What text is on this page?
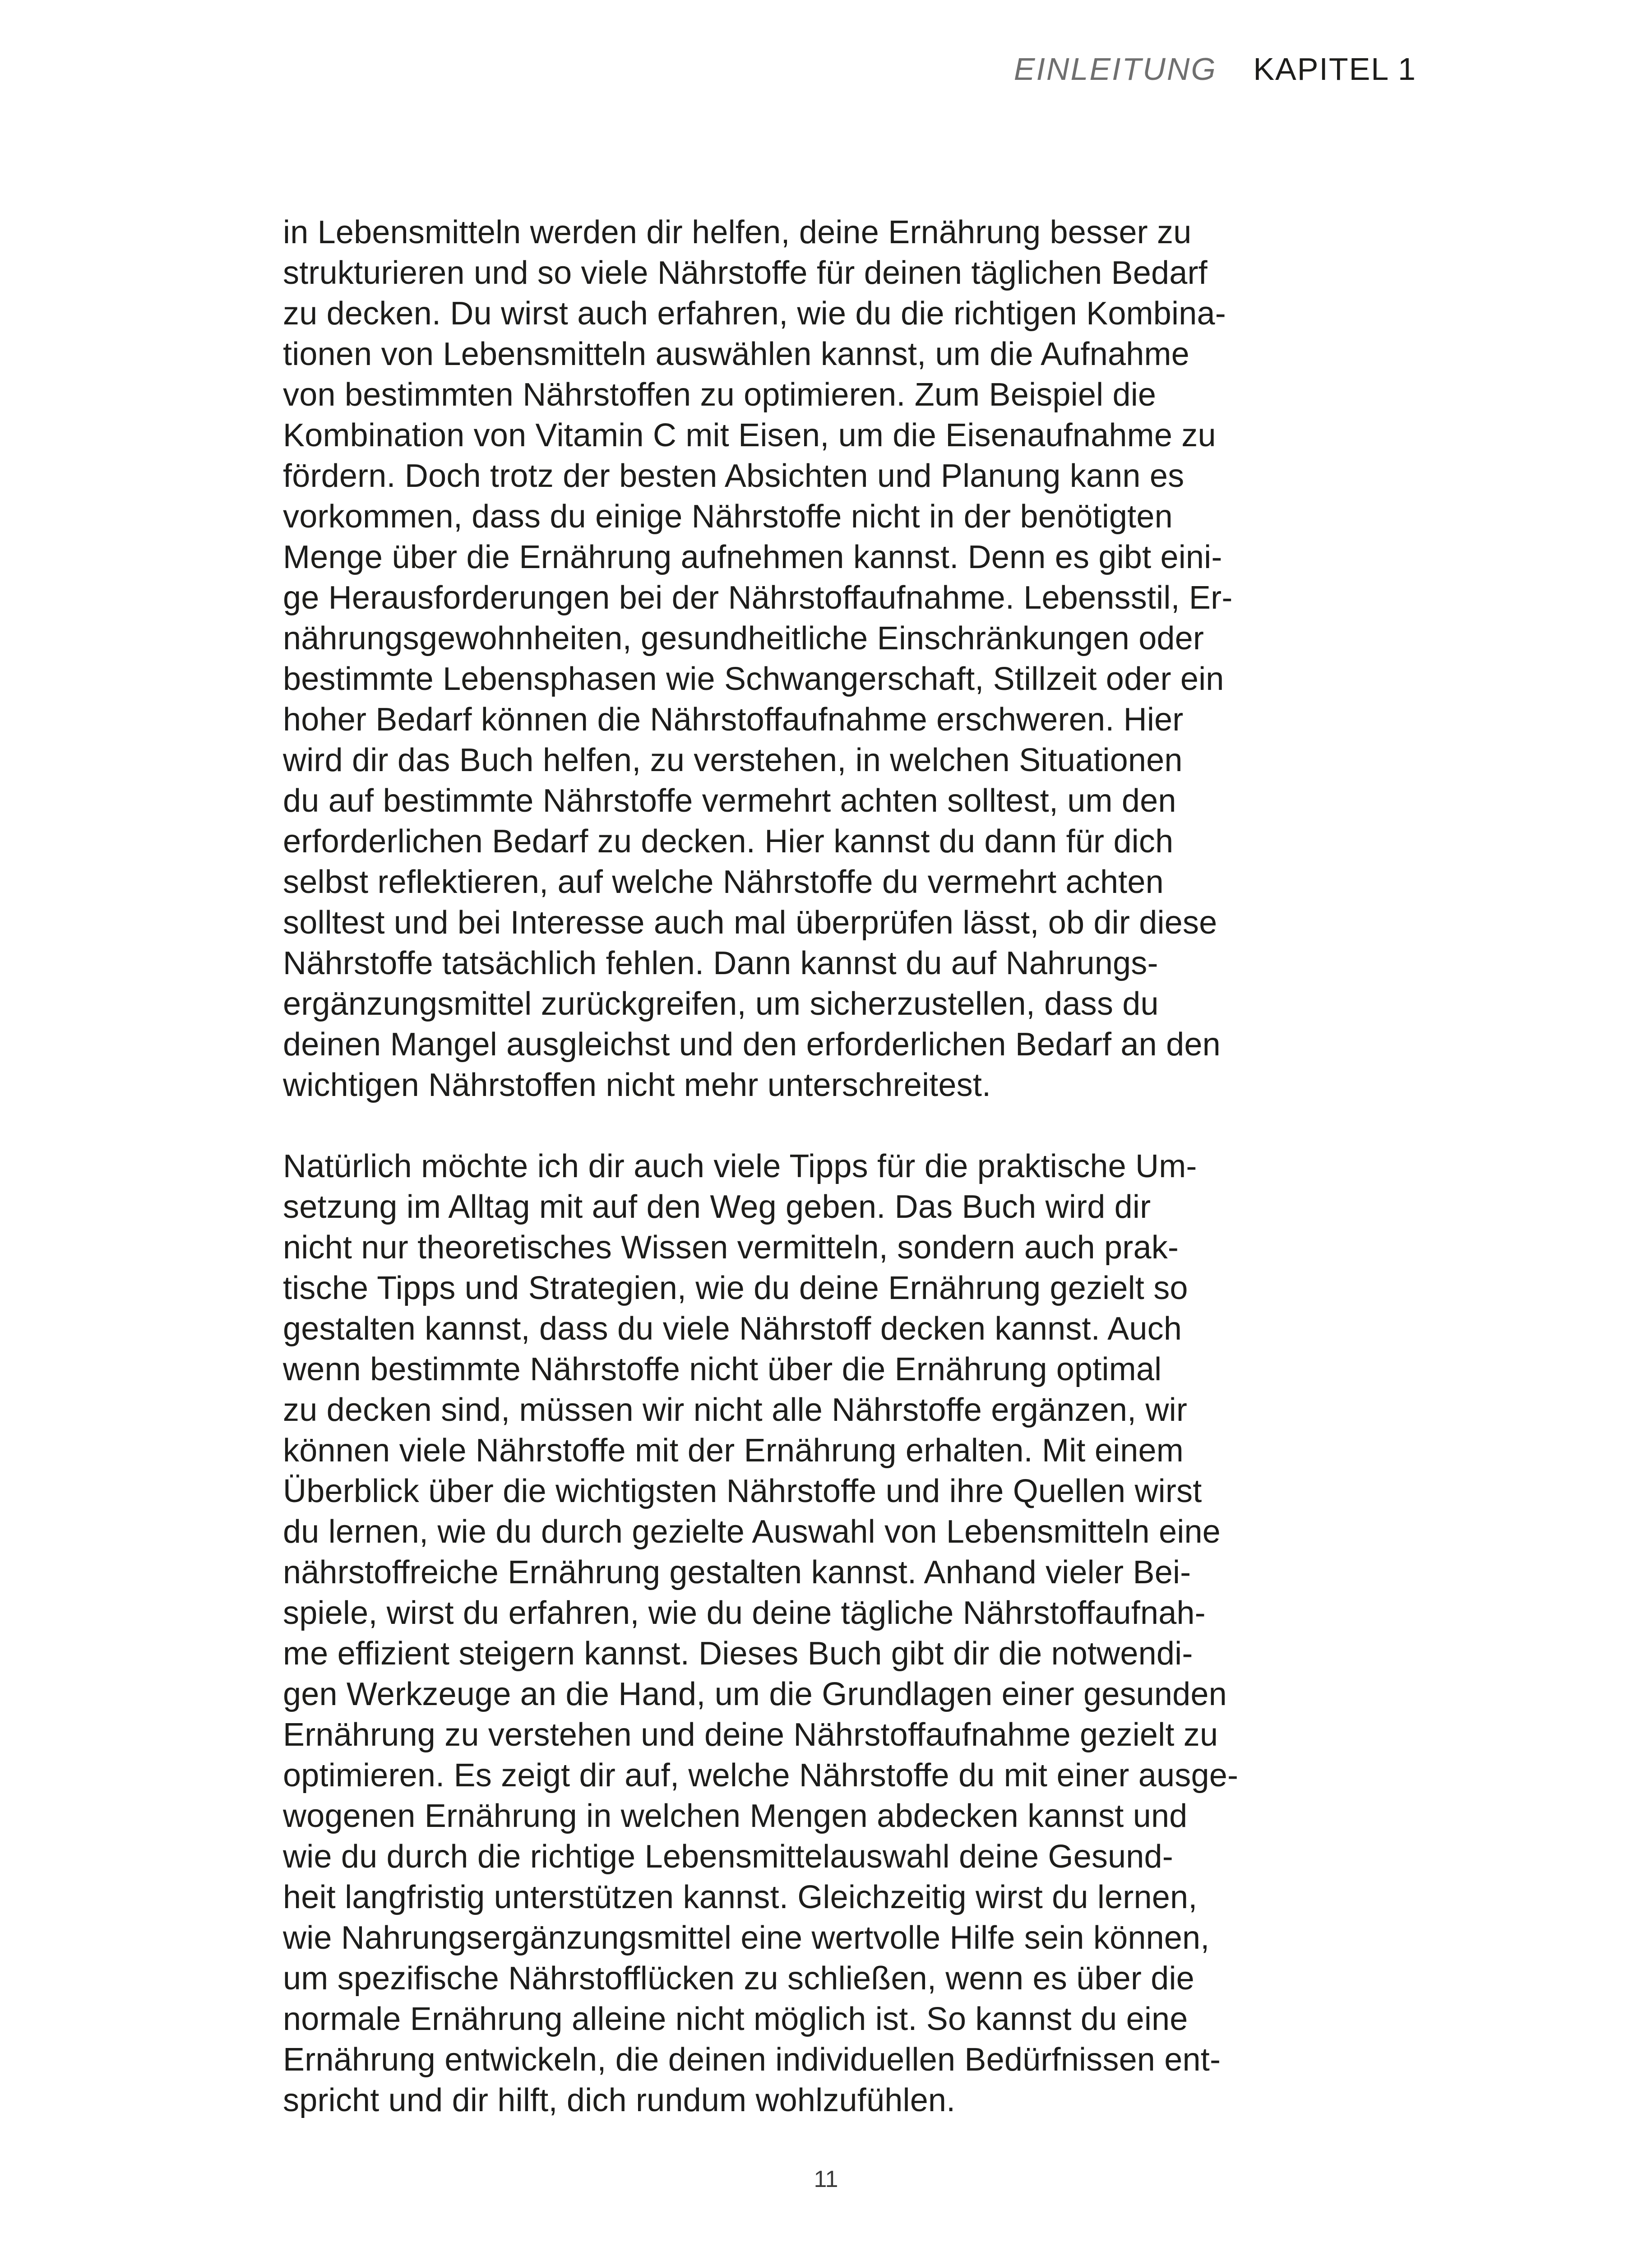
EINLEITUNG KAPITEL 1
in Lebensmitteln werden dir helfen, deine Ernährung besser zu
strukturieren und so viele Nährstoffe für deinen täglichen Bedarf
zu decken. Du wirst auch erfahren, wie du die richtigen Kombina-
tionen von Lebensmitteln auswählen kannst, um die Aufnahme
von bestimmten Nährstoffen zu optimieren. Zum Beispiel die
Kombination von Vitamin C mit Eisen, um die Eisenaufnahme zu
fördern. Doch trotz der besten Absichten und Planung kann es
vorkommen, dass du einige Nährstoffe nicht in der benötigten
Menge über die Ernährung aufnehmen kannst. Denn es gibt eini-
ge Herausforderungen bei der Nährstoffaufnahme. Lebensstil, Er-
nährungsgewohnheiten, gesundheitliche Einschränkungen oder
bestimmte Lebensphasen wie Schwangerschaft, Stillzeit oder ein
hoher Bedarf können die Nährstoffaufnahme erschweren. Hier
wird dir das Buch helfen, zu verstehen, in welchen Situationen
du auf bestimmte Nährstoffe vermehrt achten solltest, um den
erforderlichen Bedarf zu decken. Hier kannst du dann für dich
selbst reflektieren, auf welche Nährstoffe du vermehrt achten
solltest und bei Interesse auch mal überprüfen lässt, ob dir diese
Nährstoffe tatsächlich fehlen. Dann kannst du auf Nahrungs-
ergänzungsmittel zurückgreifen, um sicherzustellen, dass du
deinen Mangel ausgleichst und den erforderlichen Bedarf an den
wichtigen Nährstoffen nicht mehr unterschreitest.
Natürlich möchte ich dir auch viele Tipps für die praktische Um-
setzung im Alltag mit auf den Weg geben. Das Buch wird dir
nicht nur theoretisches Wissen vermitteln, sondern auch prak-
tische Tipps und Strategien, wie du deine Ernährung gezielt so
gestalten kannst, dass du viele Nährstoff decken kannst. Auch
wenn bestimmte Nährstoffe nicht über die Ernährung optimal
zu decken sind, müssen wir nicht alle Nährstoffe ergänzen, wir
können viele Nährstoffe mit der Ernährung erhalten. Mit einem
Überblick über die wichtigsten Nährstoffe und ihre Quellen wirst
du lernen, wie du durch gezielte Auswahl von Lebensmitteln eine
nährstoffreiche Ernährung gestalten kannst. Anhand vieler Bei-
spiele, wirst du erfahren, wie du deine tägliche Nährstoffaufnah-
me effizient steigern kannst. Dieses Buch gibt dir die notwendi-
gen Werkzeuge an die Hand, um die Grundlagen einer gesunden
Ernährung zu verstehen und deine Nährstoffaufnahme gezielt zu
optimieren. Es zeigt dir auf, welche Nährstoffe du mit einer ausge-
wogenen Ernährung in welchen Mengen abdecken kannst und
wie du durch die richtige Lebensmittelauswahl deine Gesund-
heit langfristig unterstützen kannst. Gleichzeitig wirst du lernen,
wie Nahrungsergänzungsmittel eine wertvolle Hilfe sein können,
um spezifische Nährstofflücken zu schließen, wenn es über die
normale Ernährung alleine nicht möglich ist. So kannst du eine
Ernährung entwickeln, die deinen individuellen Bedürfnissen ent-
spricht und dir hilft, dich rundum wohlzufühlen.
11
